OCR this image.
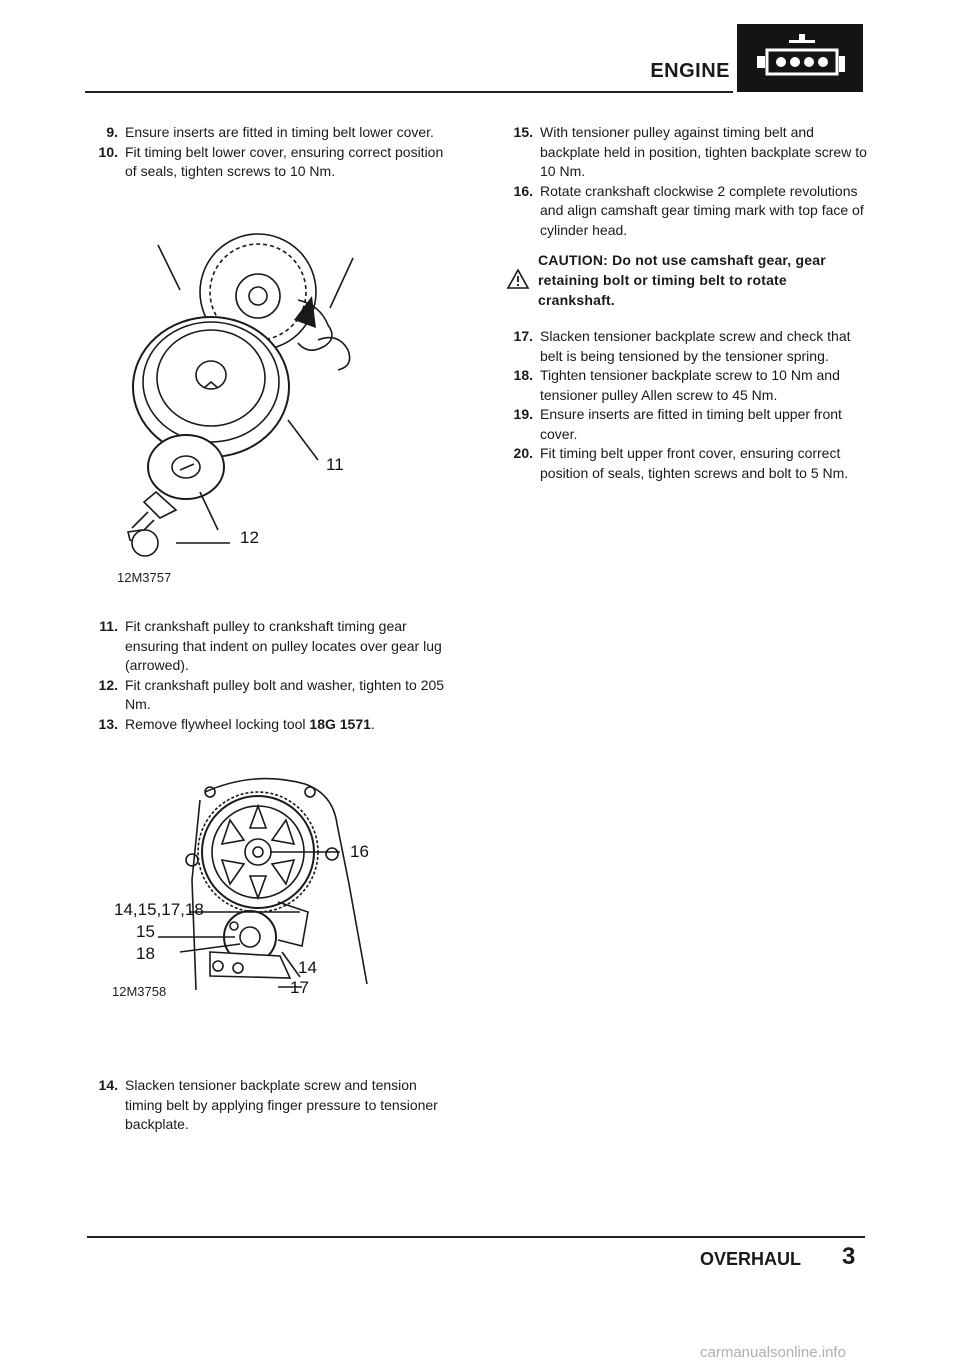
ENGINE
9. Ensure inserts are fitted in timing belt lower cover.
10. Fit timing belt lower cover, ensuring correct position of seals, tighten screws to 10 Nm.
11
12
12M3757
11. Fit crankshaft pulley to crankshaft timing gear ensuring that indent on pulley locates over gear lug (arrowed).
12. Fit crankshaft pulley bolt and washer, tighten to 205 Nm.
13. Remove flywheel locking tool 18G 1571.
16
14,15,17,18
15
18
14
17
12M3758
14. Slacken tensioner backplate screw and tension timing belt by applying finger pressure to tensioner backplate.
15. With tensioner pulley against timing belt and backplate held in position, tighten backplate screw to 10 Nm.
16. Rotate crankshaft clockwise 2 complete revolutions and align camshaft gear timing mark with top face of cylinder head.
CAUTION: Do not use camshaft gear, gear retaining bolt or timing belt to rotate crankshaft.
17. Slacken tensioner backplate screw and check that belt is being tensioned by the tensioner spring.
18. Tighten tensioner backplate screw to 10 Nm and tensioner pulley Allen screw to 45 Nm.
19. Ensure inserts are fitted in timing belt upper front cover.
20. Fit timing belt upper front cover, ensuring correct position of seals, tighten screws and bolt to 5 Nm.
OVERHAUL 3
carmanualsonline.info
